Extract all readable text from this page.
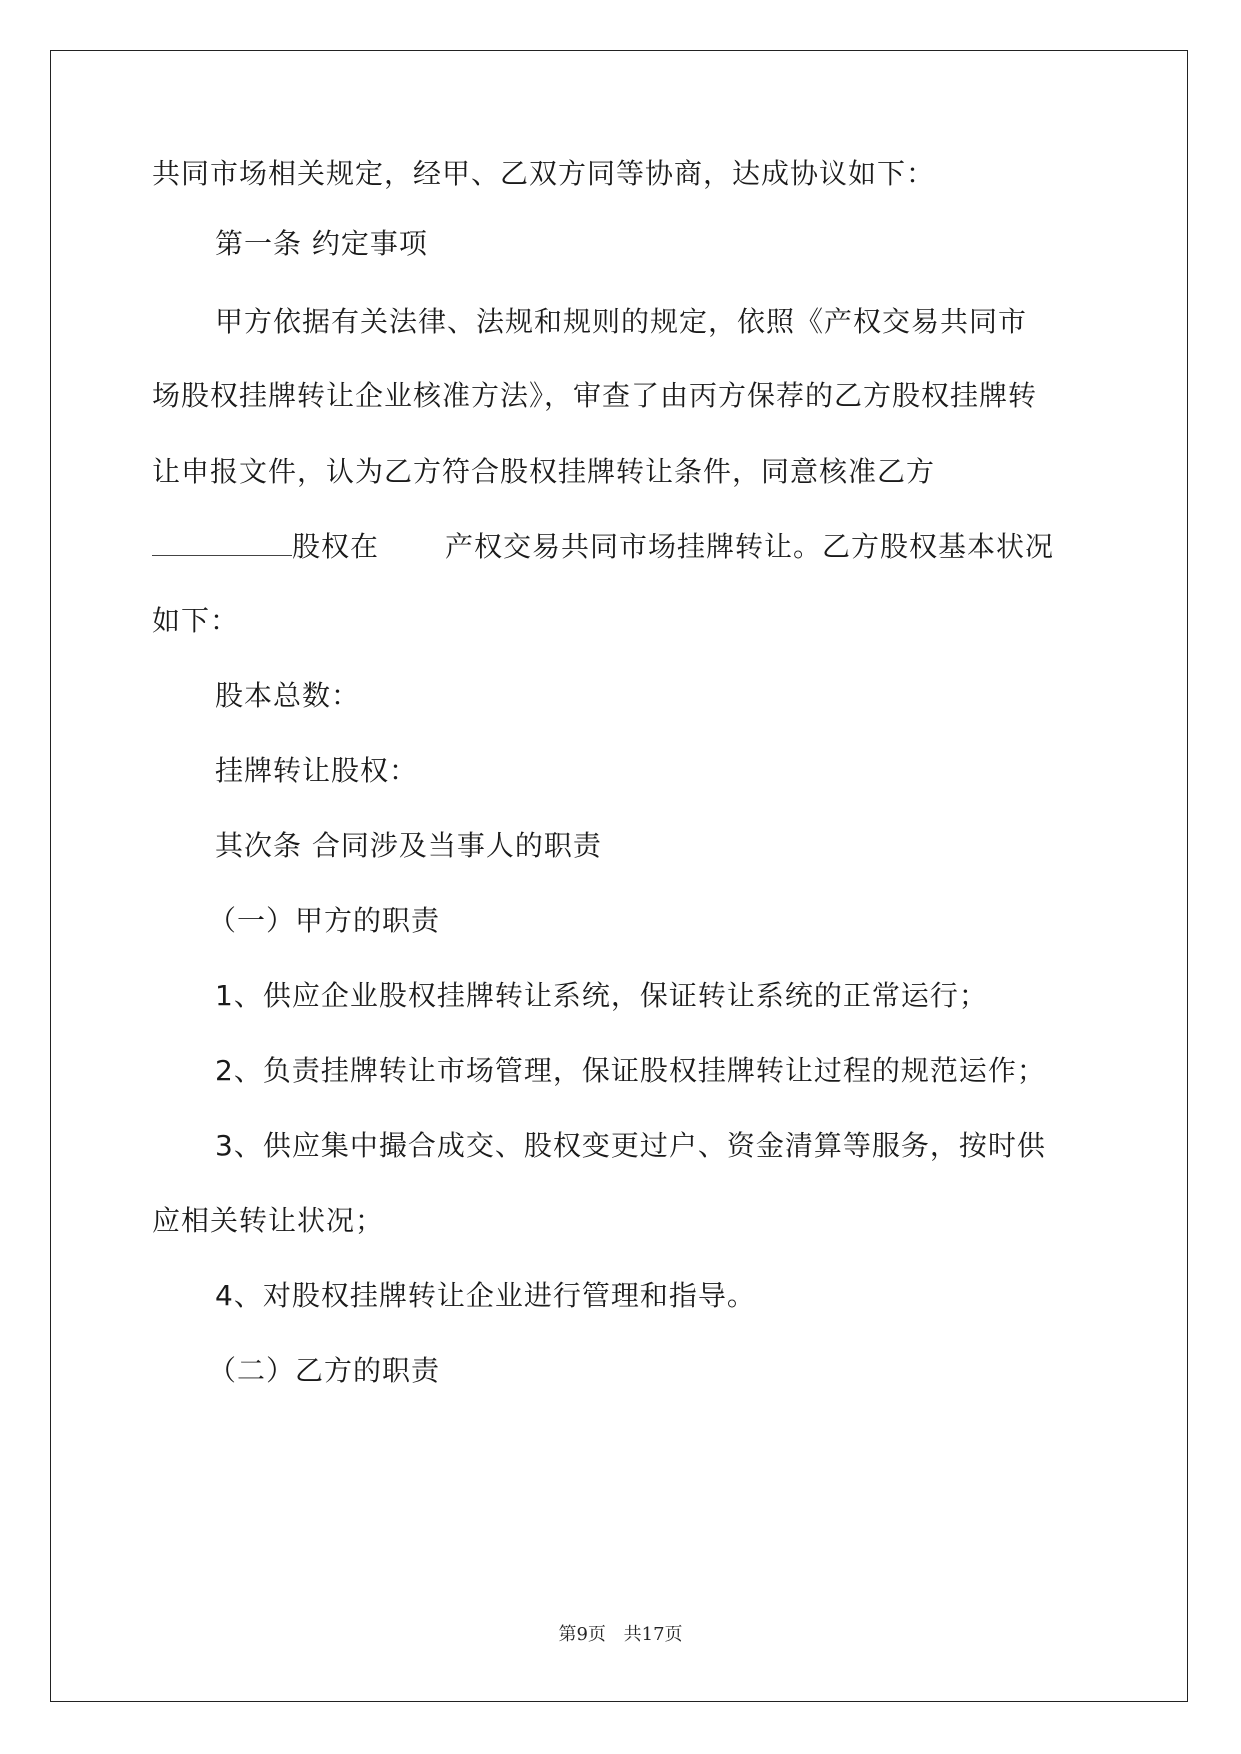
共同市场相关规定，经甲、乙双方同等协商，达成协议如下：
第一条 约定事项
甲方依据有关法律、法规和规则的规定，依照《产权交易共同市
场股权挂牌转让企业核准方法》，审查了由丙方保荐的乙方股权挂牌转
让申报文件，认为乙方符合股权挂牌转让条件，同意核准乙方
股权在 产权交易共同市场挂牌转让。乙方股权基本状况
如下：
股本总数：
挂牌转让股权：
其次条 合同涉及当事人的职责
（一）甲方的职责
1、供应企业股权挂牌转让系统，保证转让系统的正常运行；
2、负责挂牌转让市场管理，保证股权挂牌转让过程的规范运作；
3、供应集中撮合成交、股权变更过户、资金清算等服务，按时供
应相关转让状况；
4、对股权挂牌转让企业进行管理和指导。
（二）乙方的职责
第9页 共17页
